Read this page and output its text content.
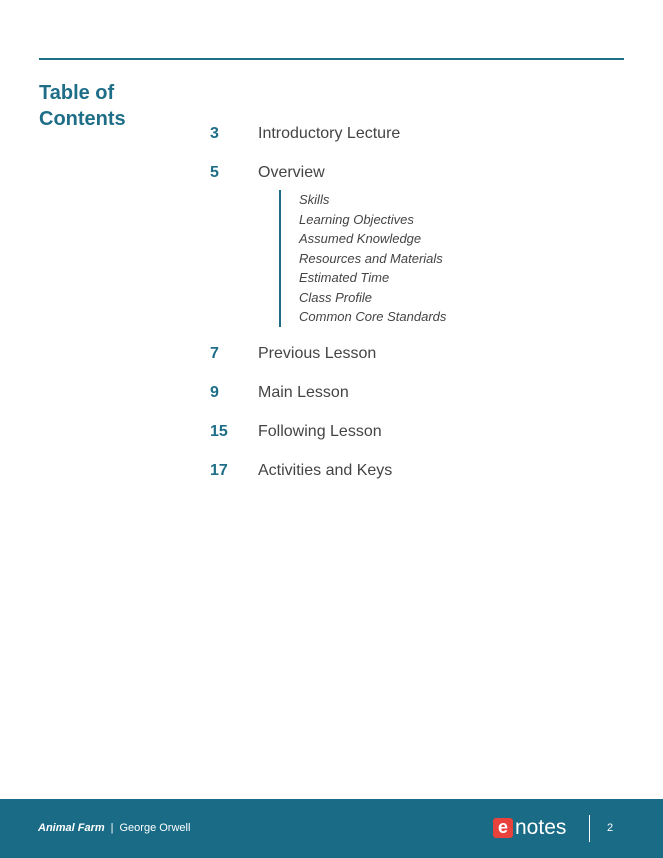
Table of Contents
3	Introductory Lecture
5	Overview
Skills
Learning Objectives
Assumed Knowledge
Resources and Materials
Estimated Time
Class Profile
Common Core Standards
7	Previous Lesson
9	Main Lesson
15	Following Lesson
17	Activities and Keys
Animal Farm | George Orwell	e notes	2
